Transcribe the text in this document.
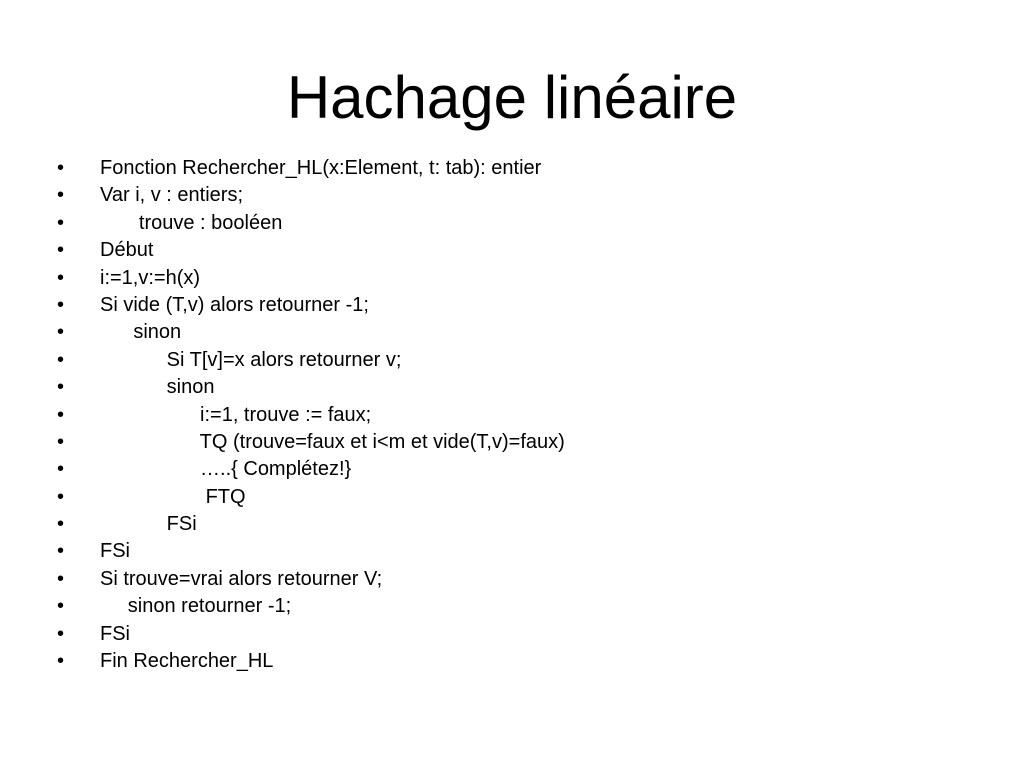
Hachage linéaire
•	Fonction Rechercher_HL(x:Element, t: tab): entier
•	Var i, v : entiers;
•	trouve : booléen
•	Début
•	i:=1,v:=h(x)
•	Si vide (T,v) alors retourner -1;
•	sinon
•	Si T[v]=x alors retourner v;
•	sinon
•	i:=1, trouve := faux;
•	TQ (trouve=faux et i<m et vide(T,v)=faux)
•	…..{ Complétez!}
•	FTQ
•	FSi
•	FSi
•	Si trouve=vrai alors retourner V;
•	sinon retourner -1;
•	FSi
•	Fin Rechercher_HL
